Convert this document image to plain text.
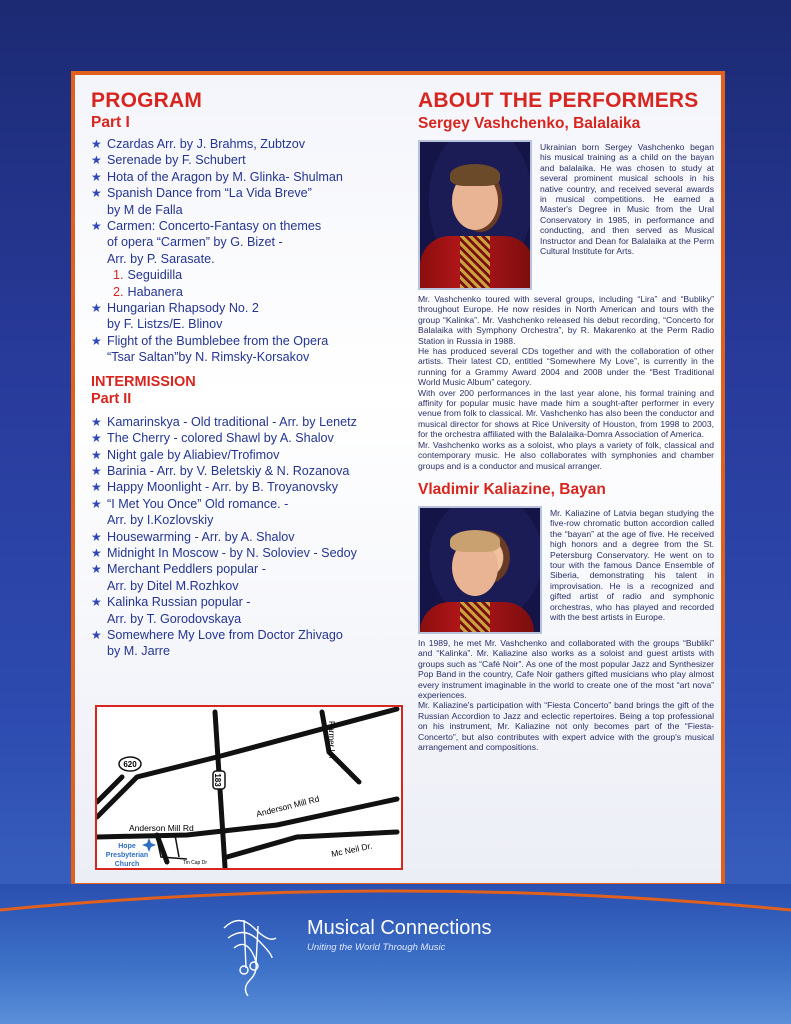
PROGRAM
Part I
★ Czardas Arr. by J. Brahms, Zubtzov
★ Serenade by F. Schubert
★ Hota of the Aragon by M. Glinka- Shulman
★ Spanish Dance from “La Vida Breve”
by M de Falla
★ Carmen: Concerto-Fantasy on themes
of opera “Carmen” by G. Bizet -
Arr. by P. Sarasate.
1. Seguidilla
2. Habanera
★ Hungarian Rhapsody No. 2
by F. Listzs/E. Blinov
★ Flight of the Bumblebee from the Opera
“Tsar Saltan”by N. Rimsky-Korsakov
INTERMISSION
Part II
★ Kamarinskya - Old traditional - Arr. by Lenetz
★ The Cherry - colored Shawl by A. Shalov
★ Night gale by Aliabiev/Trofimov
★ Barinia - Arr. by V. Beletskiy & N. Rozanova
★ Happy Moonlight - Arr. by B. Troyanovsky
★ “I Met You Once” Old romance. -
Arr. by I.Kozlovskiy
★ Housewarming - Arr. by A. Shalov
★ Midnight In Moscow - by N. Soloviev - Sedoy
★ Merchant Peddlers popular -
Arr. by Ditel M.Rozhkov
★ Kalinka Russian popular -
Arr. by T. Gorodovskaya
★ Somewhere My Love from Doctor Zhivago
by M. Jarre
620
183
Parmer Ln
Anderson Mill Rd
Anderson Mill Rd
Mc Neil Dr.
Tin Cap Dr
Hope
Presbyterian
Church
ABOUT THE PERFORMERS
Sergey Vashchenko, Balalaika

Ukrainian born Sergey Vashchenko began his musical training as a child on the bayan and balalaika. He was chosen to study at several prominent musical schools in his native country, and received several awards in musical competitions. He earned a Master's Degree in Music from the Ural Conservatory in 1985, in performance and conducting, and then served as Musical Instructor and Dean for Balalaika at the Perm Cultural Institute for Arts.

Mr. Vashchenko toured with several groups, including “Lira” and “Bubliky” throughout Europe. He now resides in North American and tours with the group “Kalinka”. Mr. Vashchenko released his debut recording, “Concerto for Balalaika with Symphony Orchestra”, by R. Makarenko at the Perm Radio Station in Russia in 1988.

He has produced several CDs together and with the collaboration of other artists. Their latest CD, entitled “Somewhere My Love”, is currently in the running for a Grammy Award 2004 and 2008 under the “Best Traditional World Music Album” category.

With over 200 performances in the last year alone, his formal training and affinity for popular music have made him a sought-after performer in every venue from folk to classical. Mr. Vashchenko has also been the conductor and musical director for shows at Rice University of Houston, from 1998 to 2003, for the orchestra affiliated with the Balalaika-Domra Association of America.

Mr. Vashchenko works as a soloist, who plays a variety of folk, classical and contemporary music. He also collaborates with symphonies and chamber groups and is a conductor and musical arranger.

Vladimir Kaliazine, Bayan

Mr. Kaliazine of Latvia began studying the five-row chromatic button accordion called the “bayan” at the age of five. He received high honors and a degree from the St. Petersburg Conservatory. He went on to tour with the famous Dance Ensemble of Siberia, demonstrating his talent in improvisation. He is a recognized and gifted artist of radio and symphonic orchestras, who has played and recorded with the best artists in Europe.

In 1989, he met Mr. Vashchenko and collaborated with the groups “Bubliki” and “Kalinka”. Mr. Kaliazine also works as a soloist and guest artists with groups such as “Café Noir”. As one of the most popular Jazz and Synthesizer Pop Band in the country, Cafe Noir gathers gifted musicians who play almost every instrument imaginable in the world to create one of the most “art nova” experiences.

Mr. Kaliazine's participation with “Fiesta Concerto” band brings the gift of the Russian Accordion to Jazz and eclectic repertoires. Being a top professional on his instrument, Mr. Kaliazine not only becomes part of the “Fiesta-Concerto”, but also contributes with expert advice with the group's musical arrangement and compositions.

Musical Connections
Uniting the World Through Music
